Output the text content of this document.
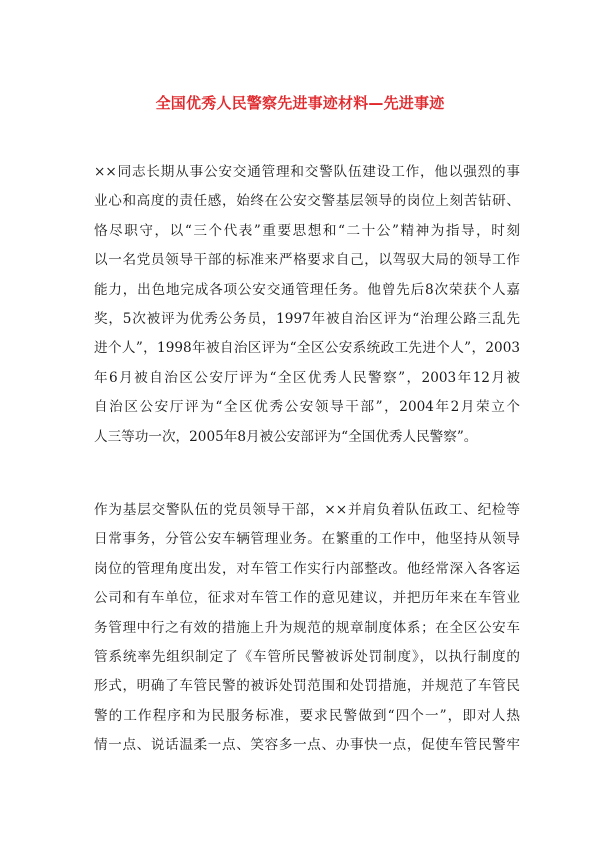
全国优秀人民警察先进事迹材料—先进事迹
××同志长期从事公安交通管理和交警队伍建设工作，他以强烈的事
业心和高度的责任感，始终在公安交警基层领导的岗位上刻苦钻研、
恪尽职守，以“三个代表”重要思想和“二十公”精神为指导，时刻
以一名党员领导干部的标准来严格要求自己，以驾驭大局的领导工作
能力，出色地完成各项公安交通管理任务。他曾先后8次荣获个人嘉
奖，5次被评为优秀公务员，1997年被自治区评为“治理公路三乱先
进个人”，1998年被自治区评为“全区公安系统政工先进个人”，2003
年6月被自治区公安厅评为“全区优秀人民警察”，2003年12月被
自治区公安厅评为“全区优秀公安领导干部”，2004年2月荣立个
人三等功一次，2005年8月被公安部评为“全国优秀人民警察”。
作为基层交警队伍的党员领导干部，××并肩负着队伍政工、纪检等
日常事务，分管公安车辆管理业务。在繁重的工作中，他坚持从领导
岗位的管理角度出发，对车管工作实行内部整改。他经常深入各客运
公司和有车单位，征求对车管工作的意见建议，并把历年来在车管业
务管理中行之有效的措施上升为规范的规章制度体系；在全区公安车
管系统率先组织制定了《车管所民警被诉处罚制度》，以执行制度的
形式，明确了车管民警的被诉处罚范围和处罚措施，并规范了车管民
警的工作程序和为民服务标准，要求民警做到“四个一”，即对人热
情一点、说话温柔一点、笑容多一点、办事快一点，促使车管民警牢
